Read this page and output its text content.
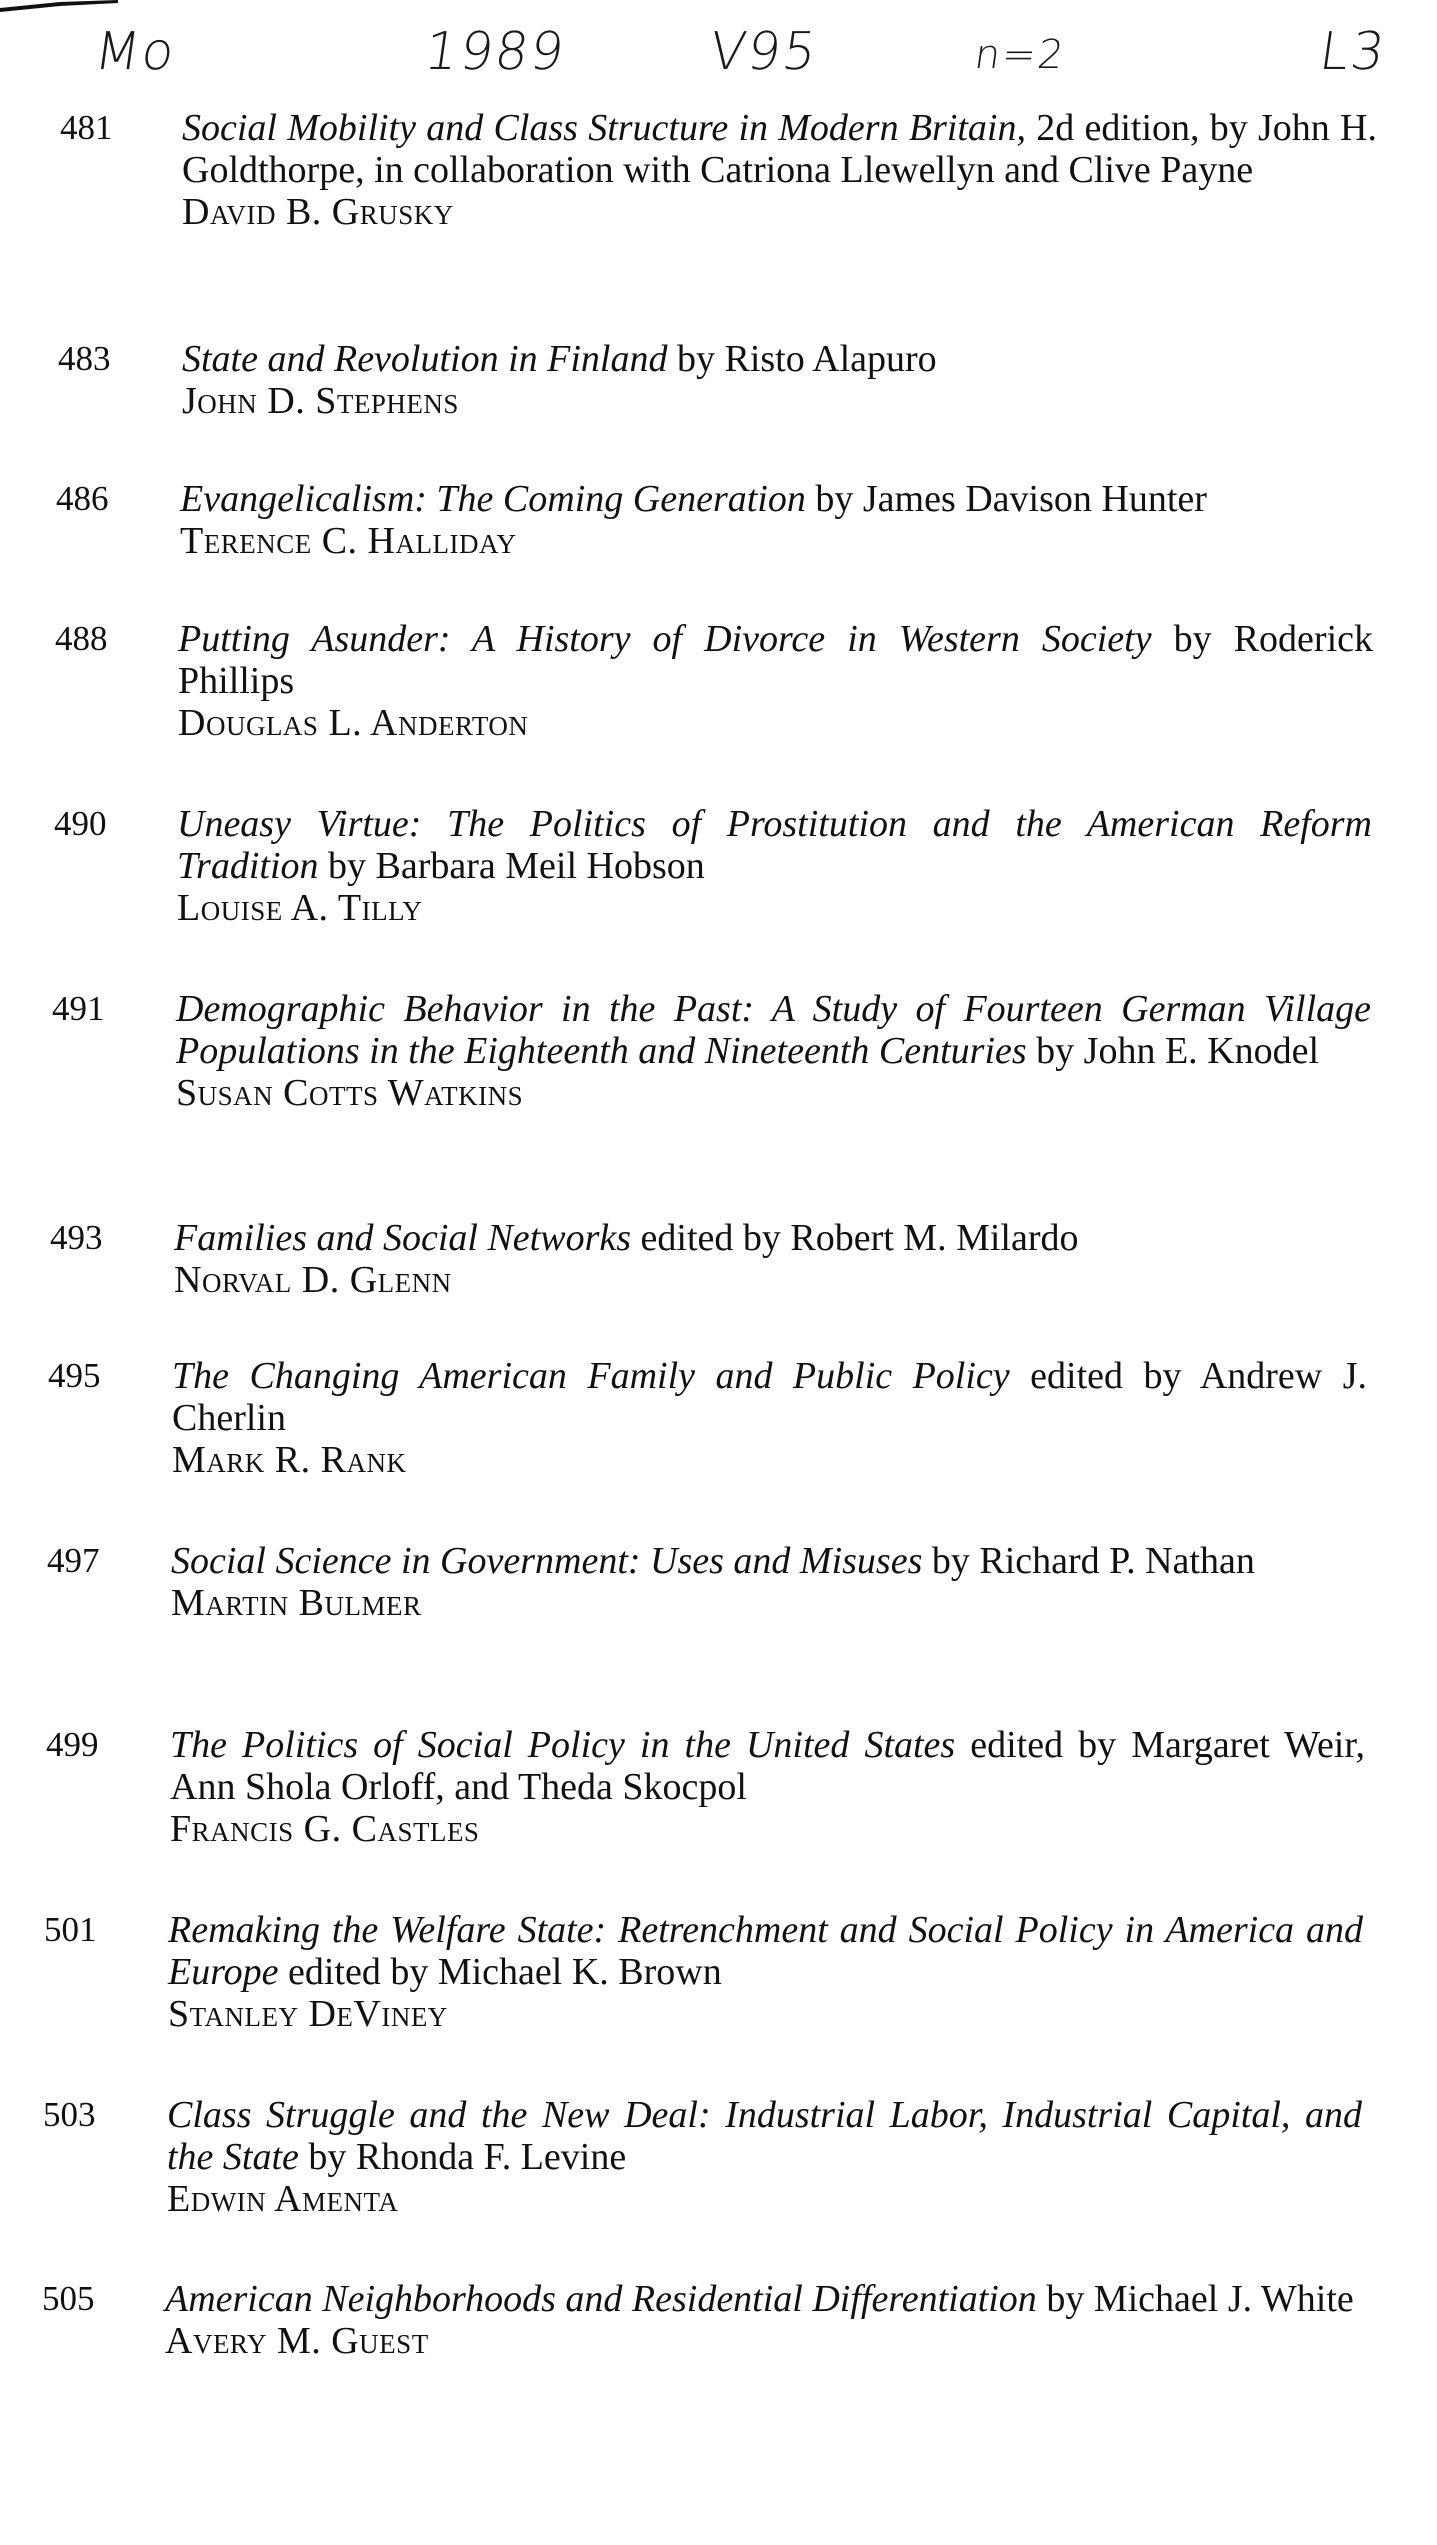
Mo	1989	V95	n=2	L3
481	Social Mobility and Class Structure in Modern Britain, 2d edition, by John H. Goldthorpe, in collaboration with Catriona Llewellyn and Clive Payne

David B. Grusky

483	State and Revolution in Finland by Risto Alapuro

John D. Stephens

486	Evangelicalism: The Coming Generation by James Davison Hunter

Terence C. Halliday

488	Putting Asunder: A History of Divorce in Western Society by Roderick Phillips

Douglas L. Anderton

490	Uneasy Virtue: The Politics of Prostitution and the American Reform Tradition by Barbara Meil Hobson

Louise A. Tilly

491	Demographic Behavior in the Past: A Study of Fourteen German Village Populations in the Eighteenth and Nineteenth Centuries by John E. Knodel

Susan Cotts Watkins

493	Families and Social Networks edited by Robert M. Milardo

Norval D. Glenn

495	The Changing American Family and Public Policy edited by Andrew J. Cherlin

Mark R. Rank

497	Social Science in Government: Uses and Misuses by Richard P. Nathan

Martin Bulmer

499	The Politics of Social Policy in the United States edited by Margaret Weir, Ann Shola Orloff, and Theda Skocpol

Francis G. Castles

501	Remaking the Welfare State: Retrenchment and Social Policy in America and Europe edited by Michael K. Brown

Stanley DeViney

503	Class Struggle and the New Deal: Industrial Labor, Industrial Capital, and the State by Rhonda F. Levine

Edwin Amenta

505	American Neighborhoods and Residential Differentiation by Michael J. White

Avery M. Guest
